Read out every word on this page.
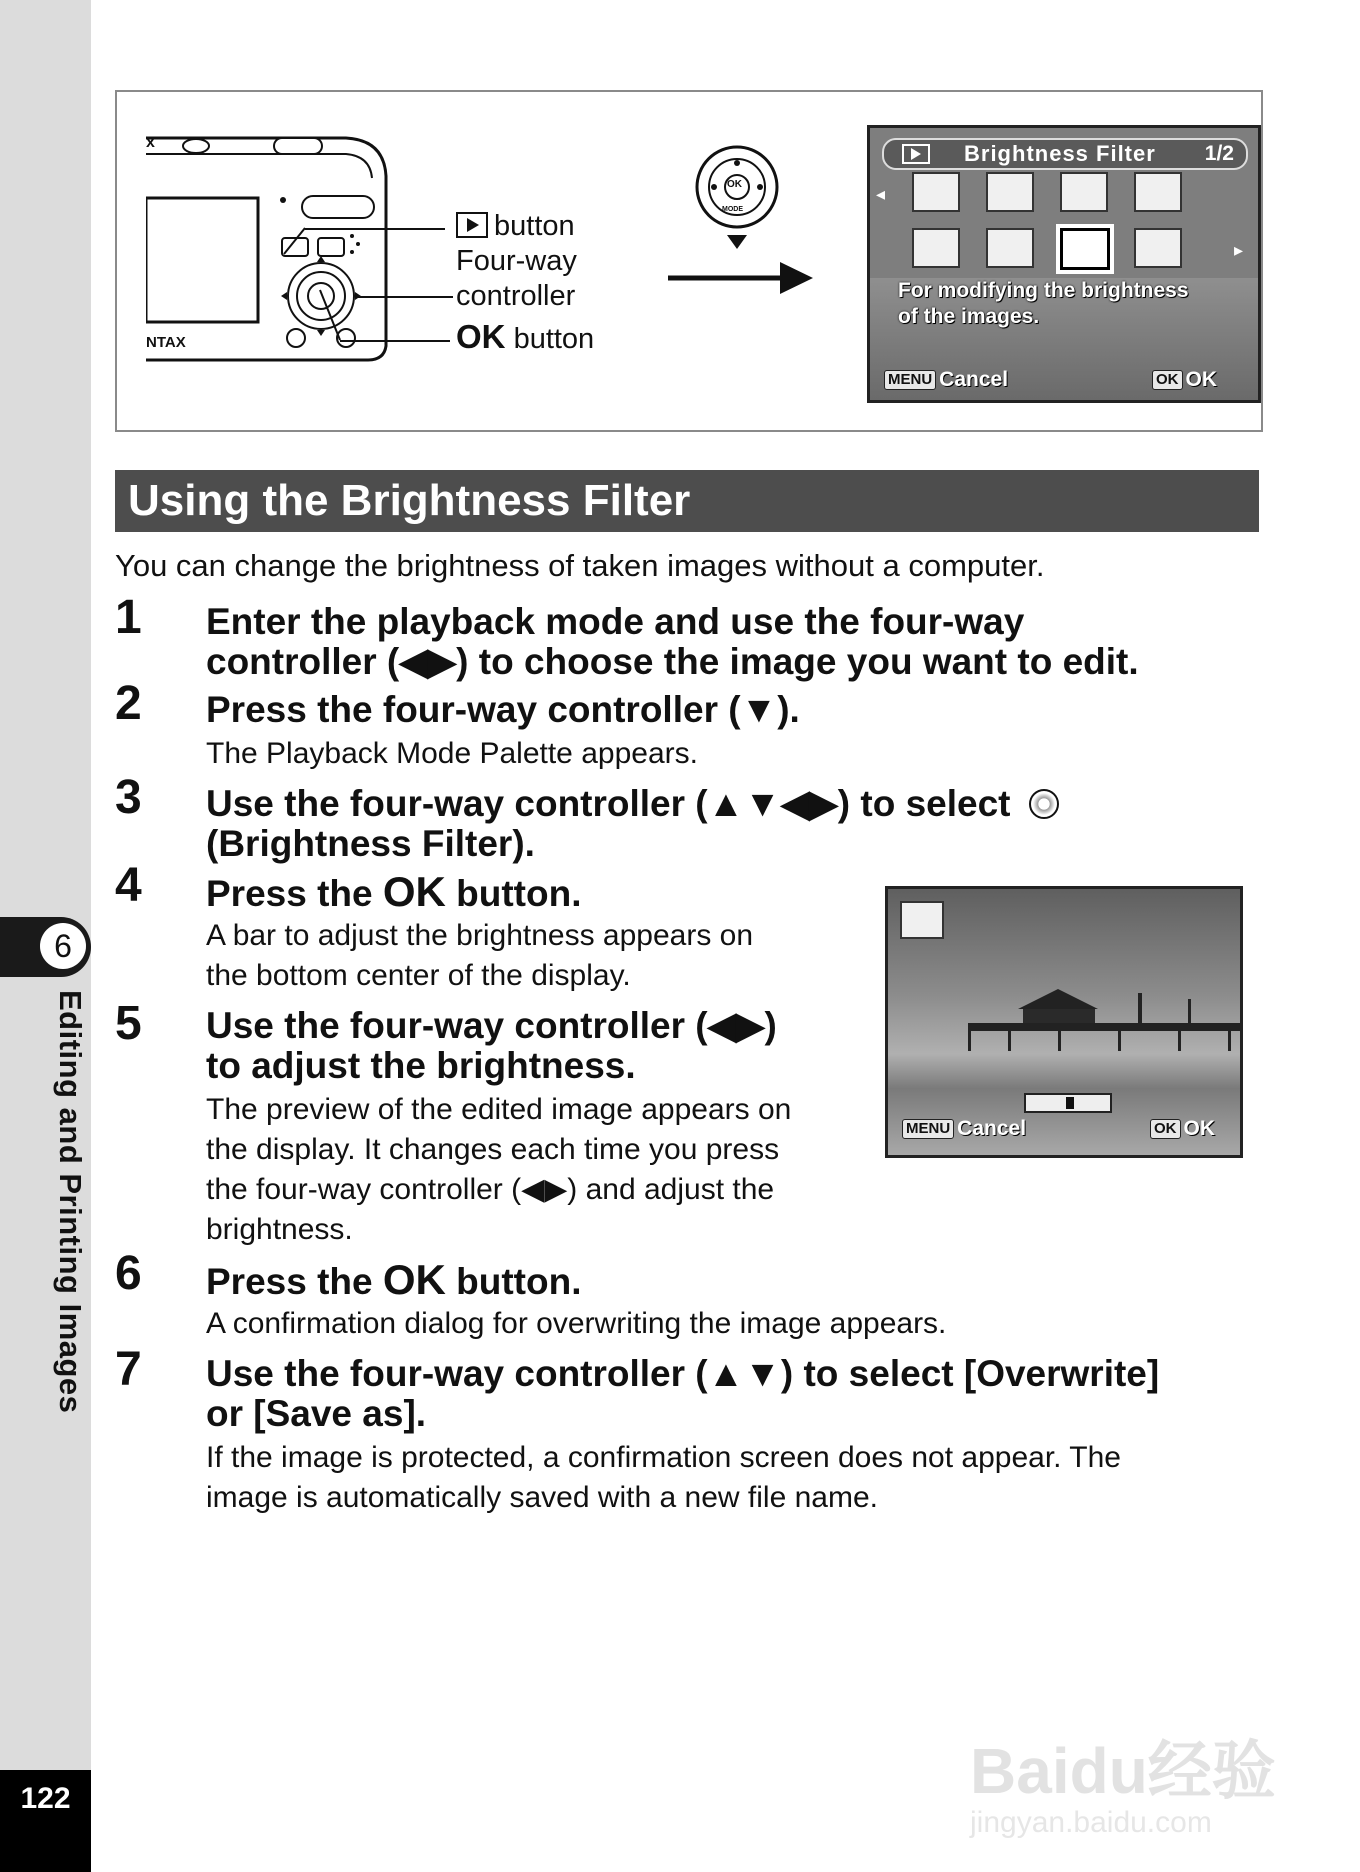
6
Editing and Printing Images
122
x
NTAX
button
Four-way
controller
OK button
OK
MODE
Brightness Filter 1/2
◂
▸
For modifying the brightness of the images.
MENU Cancel	OK OK
Using the Brightness Filter
You can change the brightness of taken images without a computer.
1 Enter the playback mode and use the four-way
controller (◀▶) to choose the image you want to edit.
2 Press the four-way controller (▼).
The Playback Mode Palette appears.
3 Use the four-way controller (▲▼◀▶) to select
(Brightness Filter).
4 Press the OK button.
A bar to adjust the brightness appears on
the bottom center of the display.
MENU Cancel	OK OK
5 Use the four-way controller (◀▶)
to adjust the brightness.
The preview of the edited image appears on
the display. It changes each time you press
the four-way controller (◀▶) and adjust the
brightness.
6 Press the OK button.
A confirmation dialog for overwriting the image appears.
7 Use the four-way controller (▲▼) to select [Overwrite]
or [Save as].
If the image is protected, a confirmation screen does not appear. The
image is automatically saved with a new file name.
Baidu经验
jingyan.baidu.com
